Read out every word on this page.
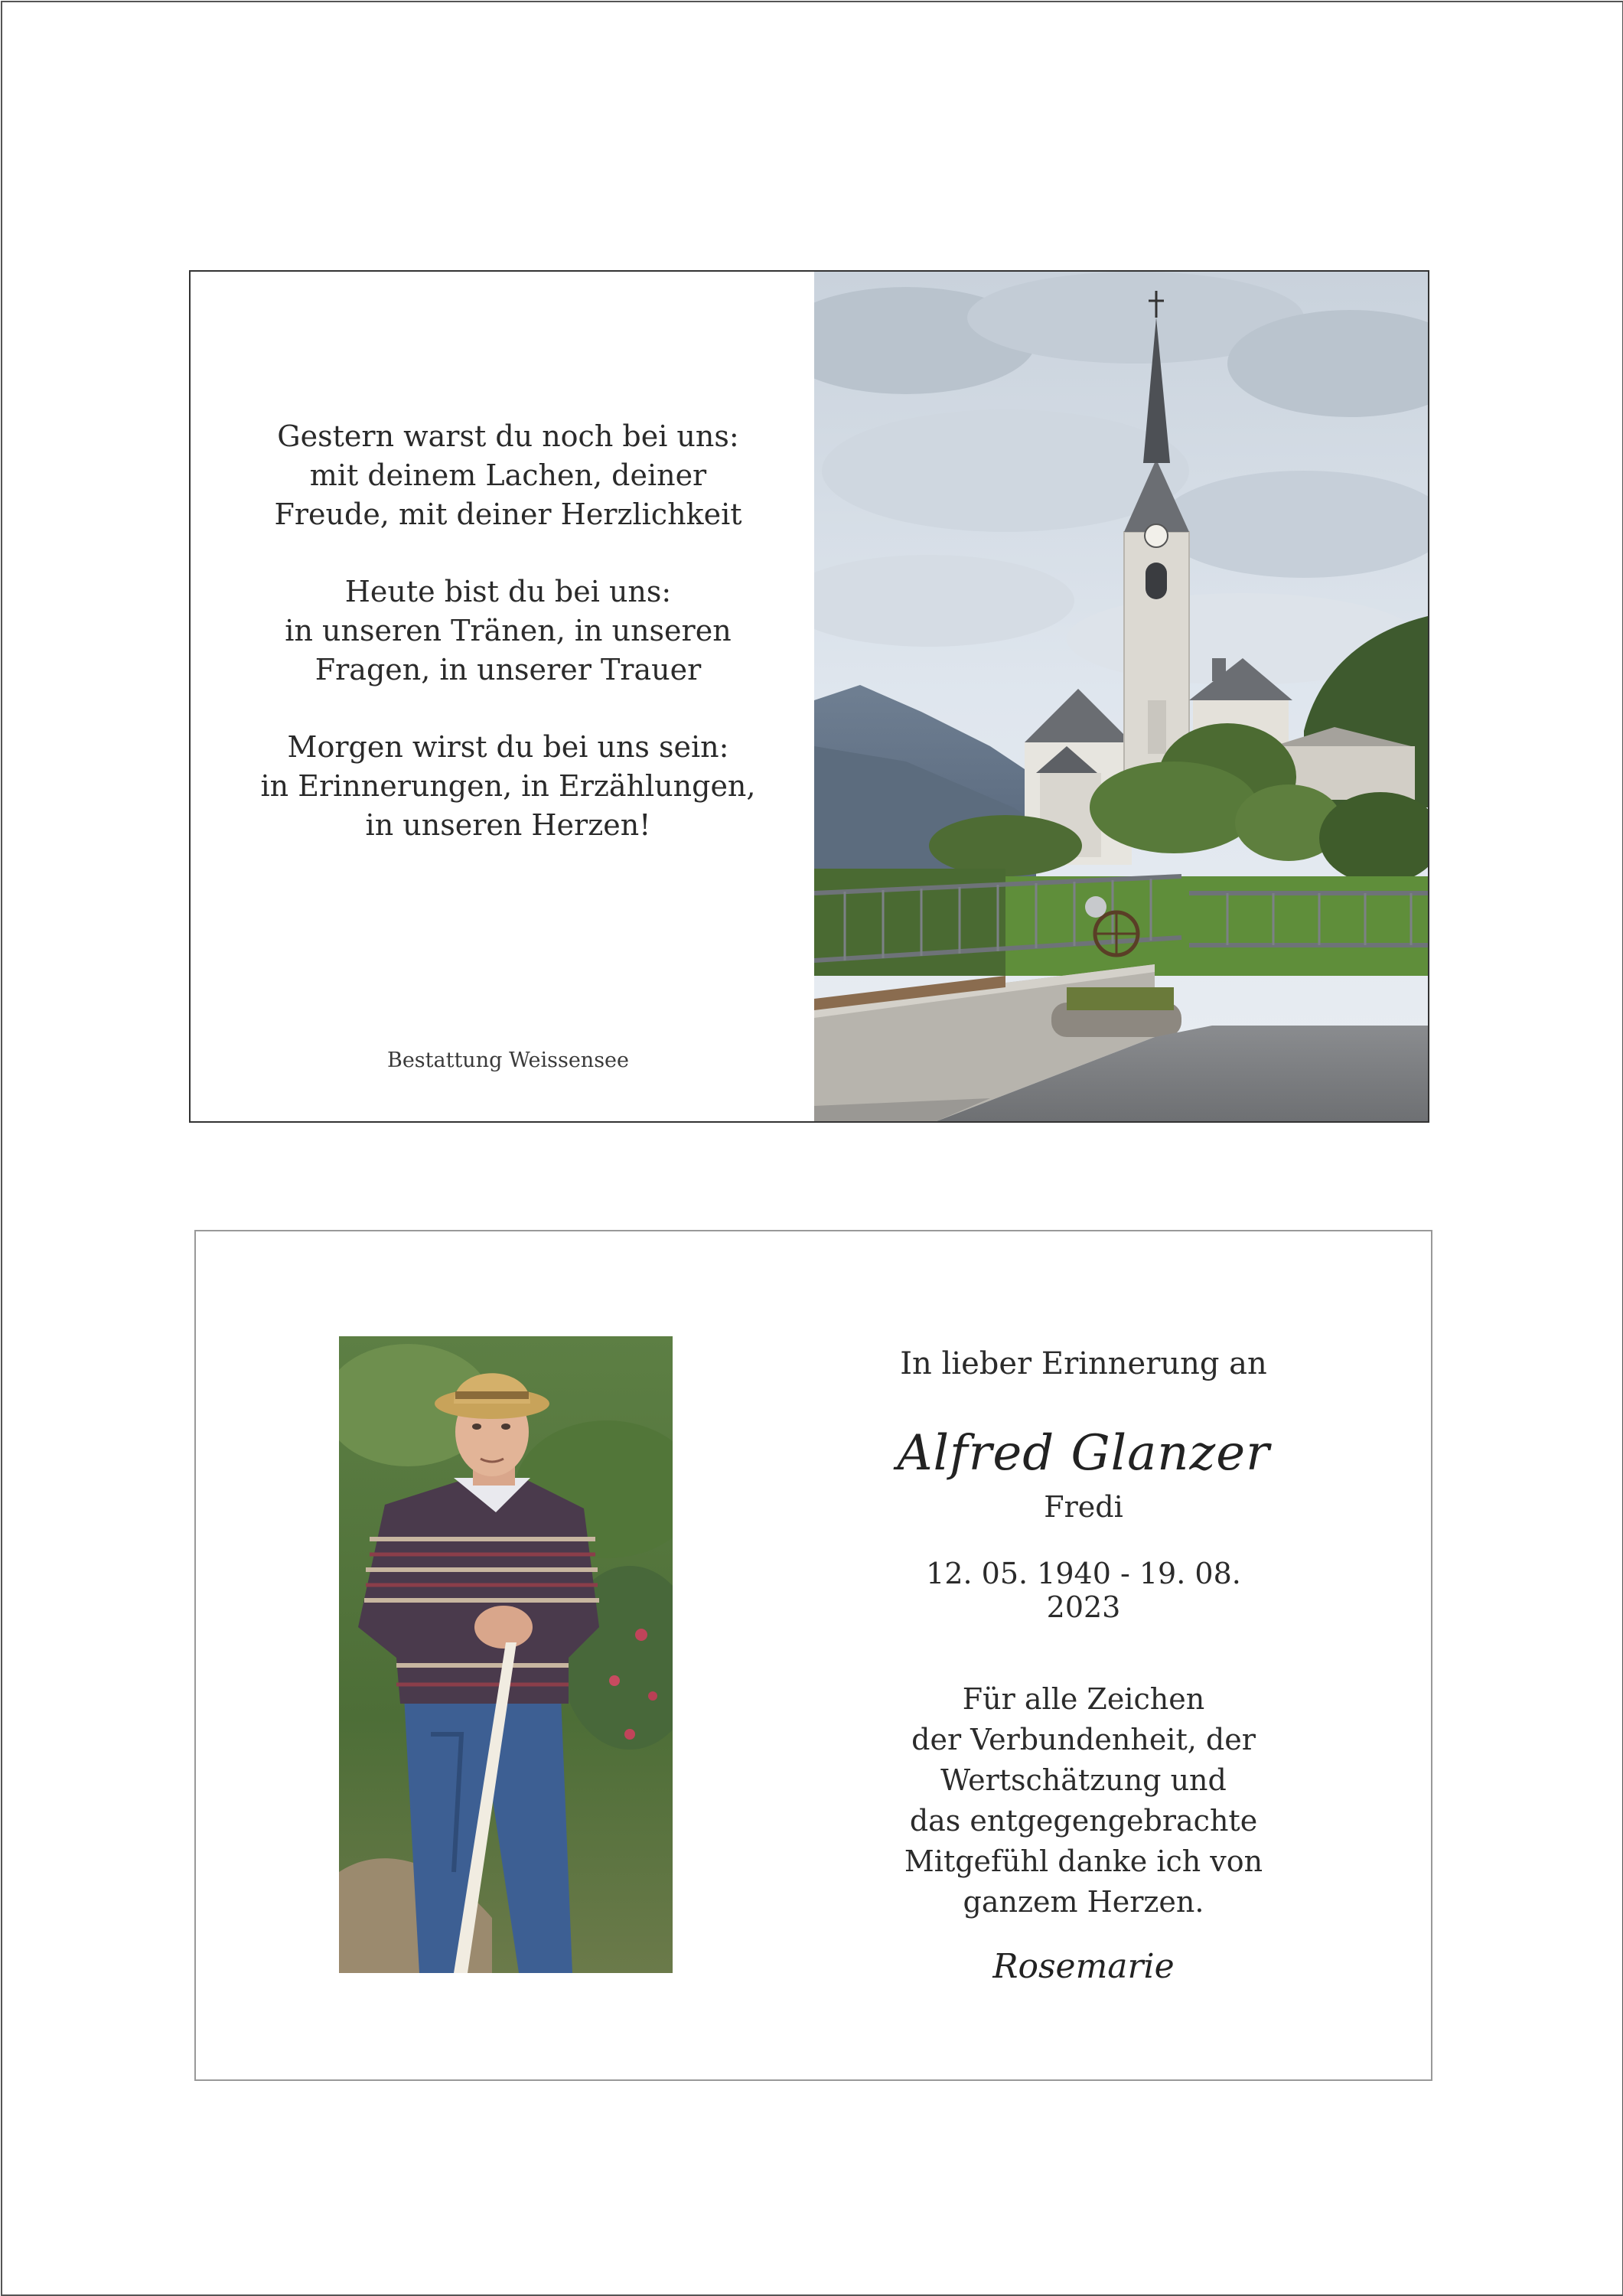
Gestern warst du noch bei uns:
mit deinem Lachen, deiner
Freude, mit deiner Herzlichkeit
Heute bist du bei uns:
in unseren Tränen, in unseren
Fragen, in unserer Trauer
Morgen wirst du bei uns sein:
in Erinnerungen, in Erzählungen,
in unseren Herzen!
Bestattung Weissensee
In lieber Erinnerung an
Alfred Glanzer
Fredi
12. 05. 1940 - 19. 08. 2023
Für alle Zeichen
der Verbundenheit, der
Wertschätzung und
das entgegengebrachte
Mitgefühl danke ich von
ganzem Herzen.
Rosemarie
